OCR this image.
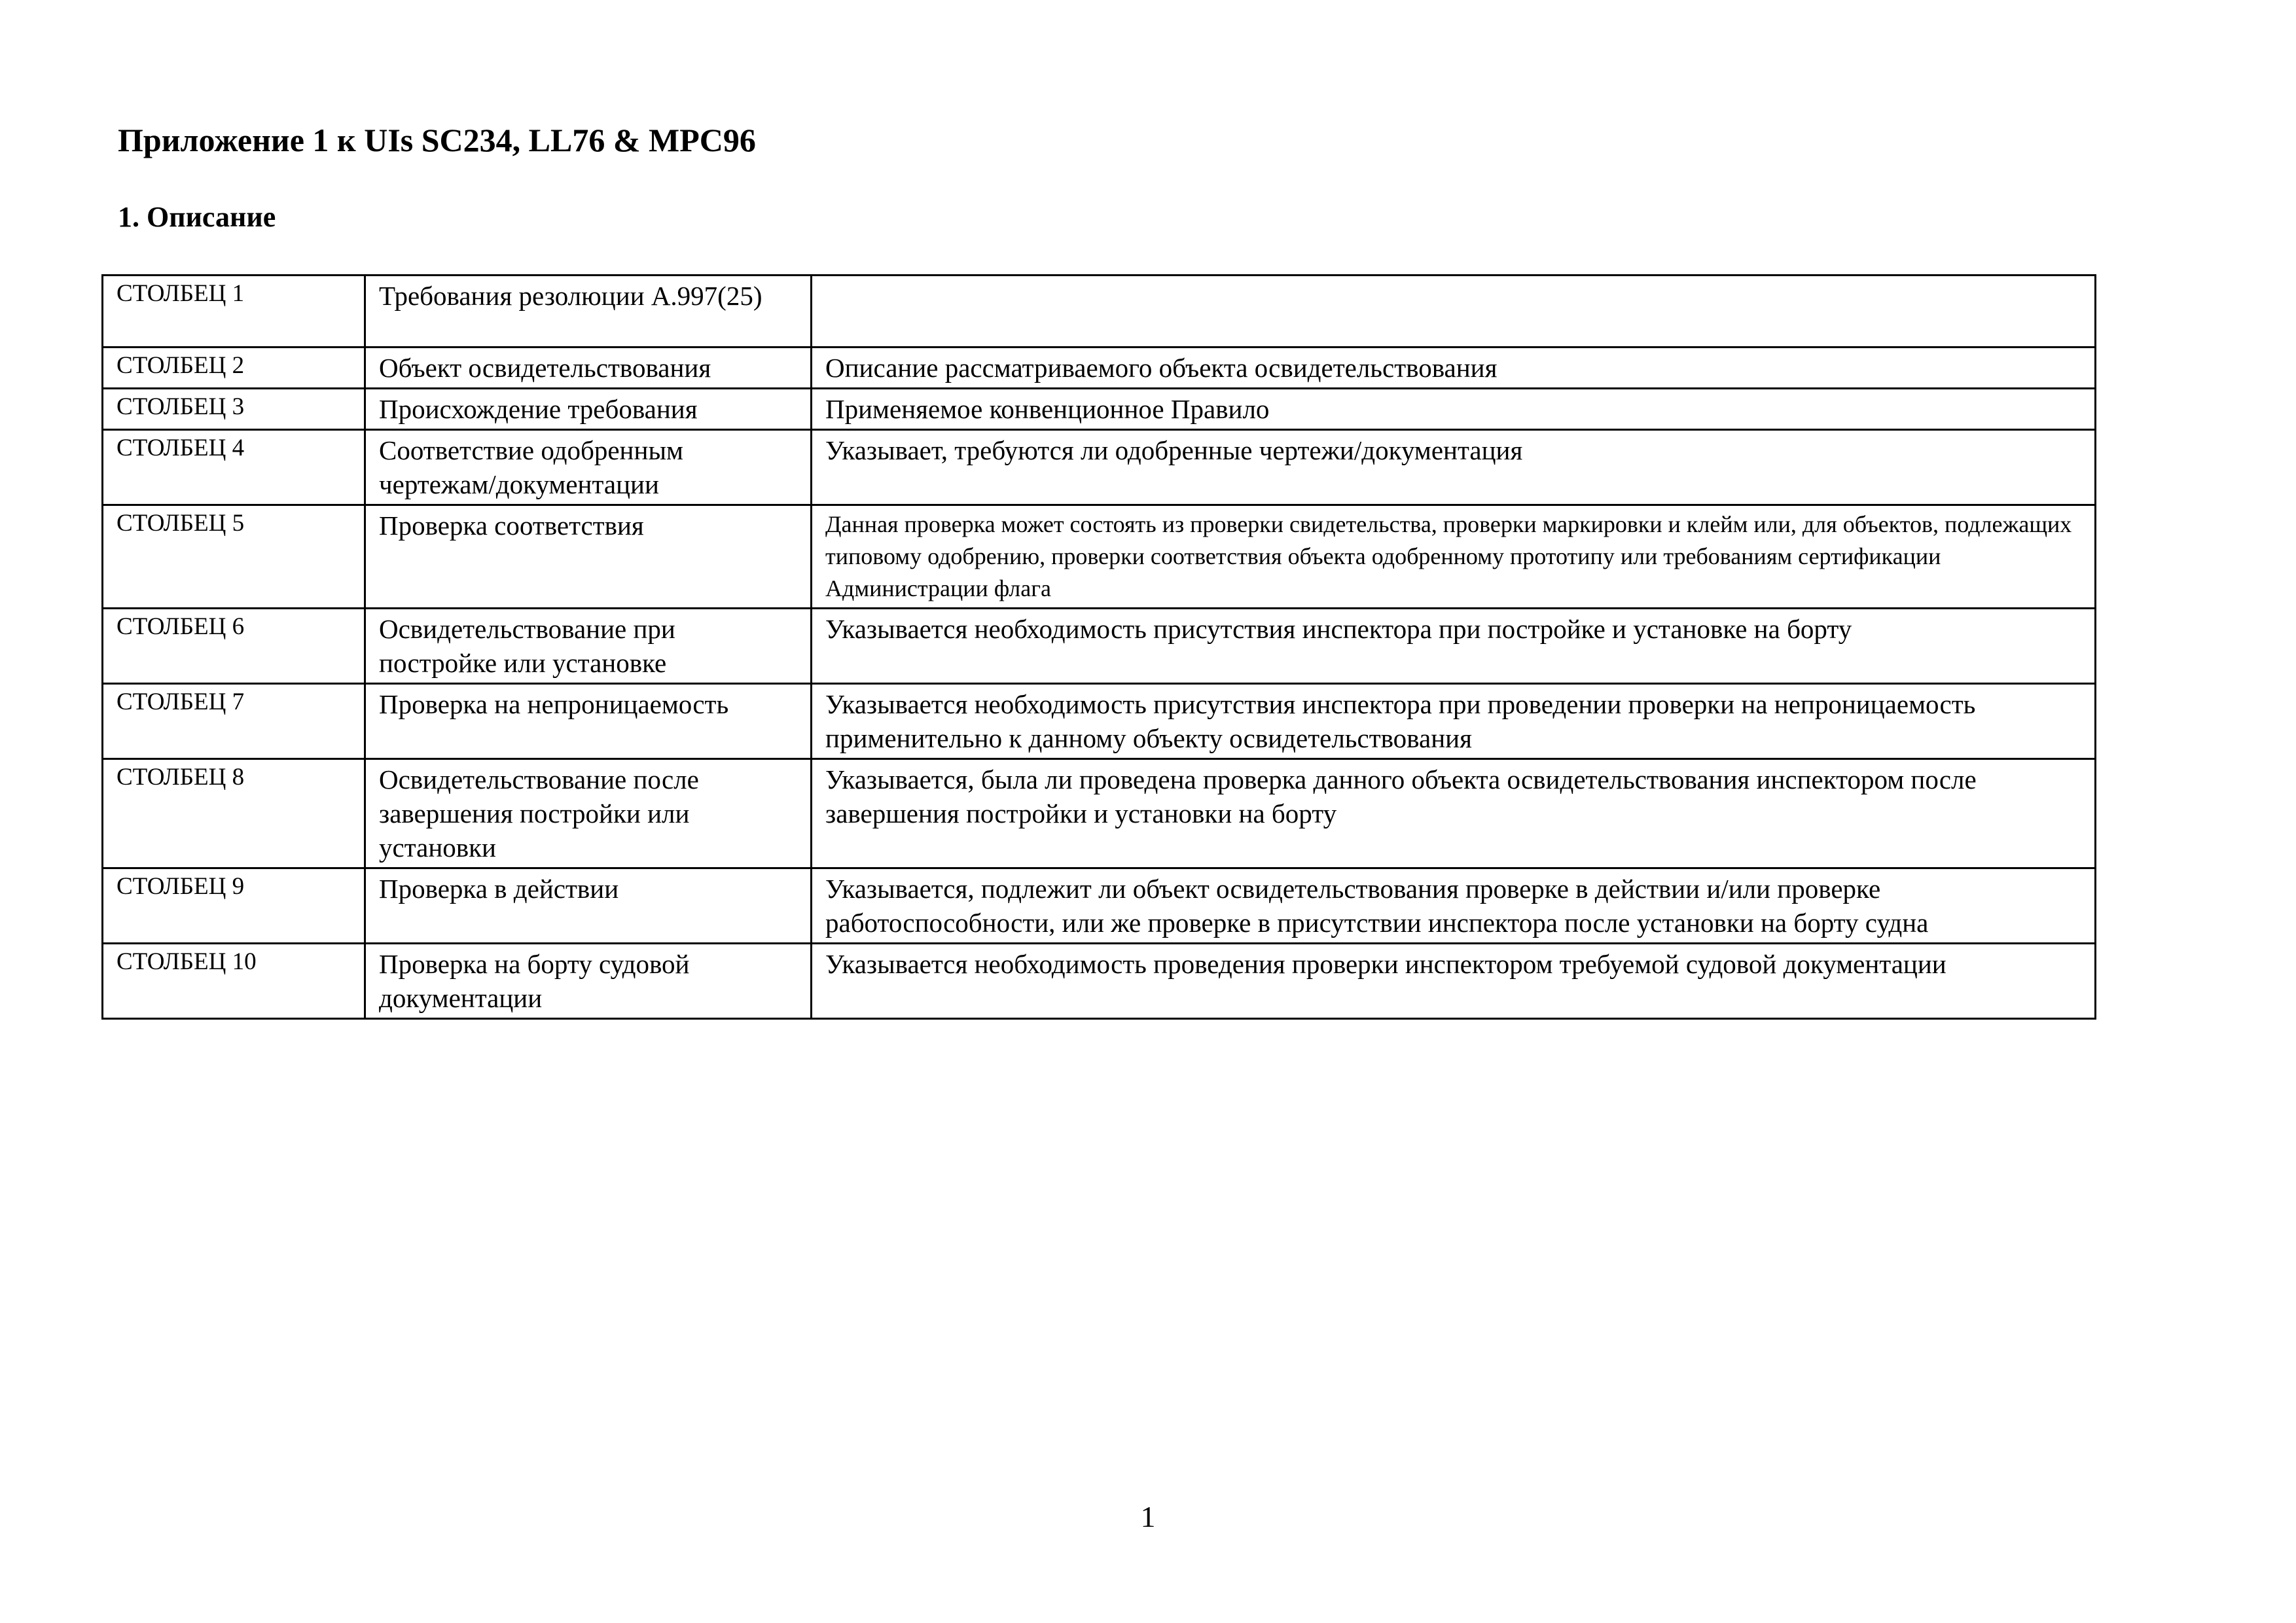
Приложение 1 к UIs SC234, LL76 & MPC96
1. Описание
СТОЛБЕЦ 1	Требования резолюции А.997(25)	
СТОЛБЕЦ 2	Объект освидетельствования	Описание рассматриваемого объекта освидетельствования
СТОЛБЕЦ 3	Происхождение требования	Применяемое конвенционное Правило
СТОЛБЕЦ 4	Соответствие одобренным чертежам/документации	Указывает, требуются ли одобренные чертежи/документация
СТОЛБЕЦ 5	Проверка соответствия	Данная проверка может состоять из проверки свидетельства, проверки маркировки и клейм или, для объектов, подлежащих типовому одобрению, проверки соответствия объекта одобренному прототипу или требованиям сертификации Администрации флага
СТОЛБЕЦ 6	Освидетельствование при постройке или установке	Указывается необходимость присутствия инспектора при постройке и установке на борту
СТОЛБЕЦ 7	Проверка на непроницаемость	Указывается необходимость присутствия инспектора при проведении проверки на непроницаемость применительно к данному объекту освидетельствования
СТОЛБЕЦ 8	Освидетельствование после завершения постройки или установки	Указывается, была ли проведена проверка данного объекта освидетельствования инспектором после завершения постройки и установки на борту
СТОЛБЕЦ 9	Проверка в действии	Указывается, подлежит ли объект освидетельствования проверке в действии и/или проверке работоспособности, или же проверке в присутствии инспектора после установки на борту судна
СТОЛБЕЦ 10	Проверка на борту судовой документации	Указывается необходимость проведения проверки инспектором требуемой судовой документации
1
